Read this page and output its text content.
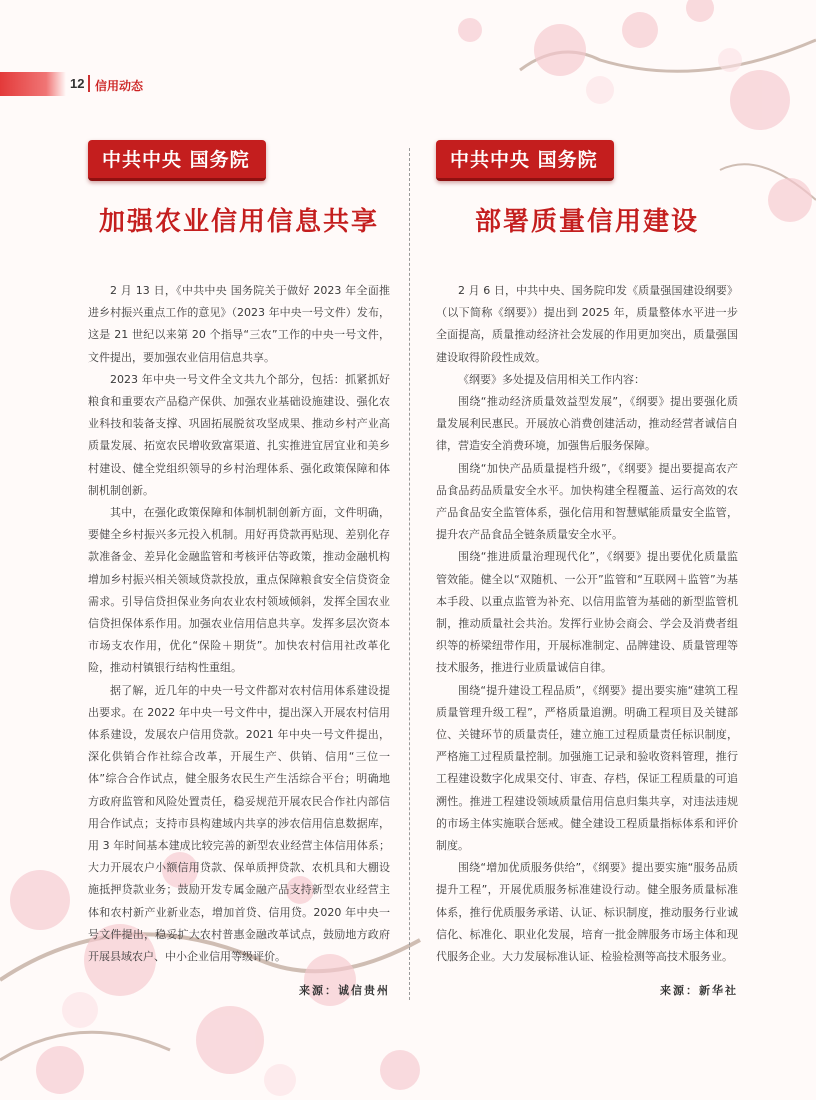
12 信用动态
中共中央 国务院
加强农业信用信息共享

2 月 13 日，《中共中央 国务院关于做好 2023 年全面推进乡村振兴重点工作的意见》（2023 年中央一号文件）发布，这是 21 世纪以来第 20 个指导“三农”工作的中央一号文件，文件提出，要加强农业信用信息共享。

2023 年中央一号文件全文共九个部分，包括：抓紧抓好粮食和重要农产品稳产保供、加强农业基础设施建设、强化农业科技和装备支撑、巩固拓展脱贫攻坚成果、推动乡村产业高质量发展、拓宽农民增收致富渠道、扎实推进宜居宜业和美乡村建设、健全党组织领导的乡村治理体系、强化政策保障和体制机制创新。

其中，在强化政策保障和体制机制创新方面，文件明确，要健全乡村振兴多元投入机制。用好再贷款再贴现、差别化存款准备金、差异化金融监管和考核评估等政策，推动金融机构增加乡村振兴相关领域贷款投放，重点保障粮食安全信贷资金需求。引导信贷担保业务向农业农村领域倾斜，发挥全国农业信贷担保体系作用。加强农业信用信息共享。发挥多层次资本市场支农作用，优化“保险＋期货”。加快农村信用社改革化险，推动村镇银行结构性重组。

据了解，近几年的中央一号文件都对农村信用体系建设提出要求。在 2022 年中央一号文件中，提出深入开展农村信用体系建设，发展农户信用贷款。2021 年中央一号文件提出，深化供销合作社综合改革，开展生产、供销、信用“三位一体”综合合作试点，健全服务农民生产生活综合平台；明确地方政府监管和风险处置责任，稳妥规范开展农民合作社内部信用合作试点；支持市县构建域内共享的涉农信用信息数据库，用 3 年时间基本建成比较完善的新型农业经营主体信用体系；大力开展农户小额信用贷款、保单质押贷款、农机具和大棚设施抵押贷款业务；鼓励开发专属金融产品支持新型农业经营主体和农村新产业新业态，增加首贷、信用贷。2020 年中央一号文件提出，稳妥扩大农村普惠金融改革试点，鼓励地方政府开展县域农户、中小企业信用等级评价。

来源：诚信贵州
中共中央 国务院
部署质量信用建设

2 月 6 日，中共中央、国务院印发《质量强国建设纲要》（以下简称《纲要》）提出到 2025 年，质量整体水平进一步全面提高，质量推动经济社会发展的作用更加突出，质量强国建设取得阶段性成效。

《纲要》多处提及信用相关工作内容：

围绕“推动经济质量效益型发展”，《纲要》提出要强化质量发展利民惠民。开展放心消费创建活动，推动经营者诚信自律，营造安全消费环境，加强售后服务保障。

围绕“加快产品质量提档升级”，《纲要》提出要提高农产品食品药品质量安全水平。加快构建全程覆盖、运行高效的农产品食品安全监管体系，强化信用和智慧赋能质量安全监管，提升农产品食品全链条质量安全水平。

围绕“推进质量治理现代化”，《纲要》提出要优化质量监管效能。健全以“双随机、一公开”监管和“互联网＋监管”为基本手段、以重点监管为补充、以信用监管为基础的新型监管机制，推动质量社会共治。发挥行业协会商会、学会及消费者组织等的桥梁纽带作用，开展标准制定、品牌建设、质量管理等技术服务，推进行业质量诚信自律。

围绕“提升建设工程品质”，《纲要》提出要实施“建筑工程质量管理升级工程”，严格质量追溯。明确工程项目及关键部位、关键环节的质量责任，建立施工过程质量责任标识制度，严格施工过程质量控制。加强施工记录和验收资料管理，推行工程建设数字化成果交付、审查、存档，保证工程质量的可追溯性。推进工程建设领域质量信用信息归集共享，对违法违规的市场主体实施联合惩戒。健全建设工程质量指标体系和评价制度。

围绕“增加优质服务供给”，《纲要》提出要实施“服务品质提升工程”，开展优质服务标准建设行动。健全服务质量标准体系，推行优质服务承诺、认证、标识制度，推动服务行业诚信化、标准化、职业化发展，培育一批金牌服务市场主体和现代服务企业。大力发展标准认证、检验检测等高技术服务业。

来源：新华社
